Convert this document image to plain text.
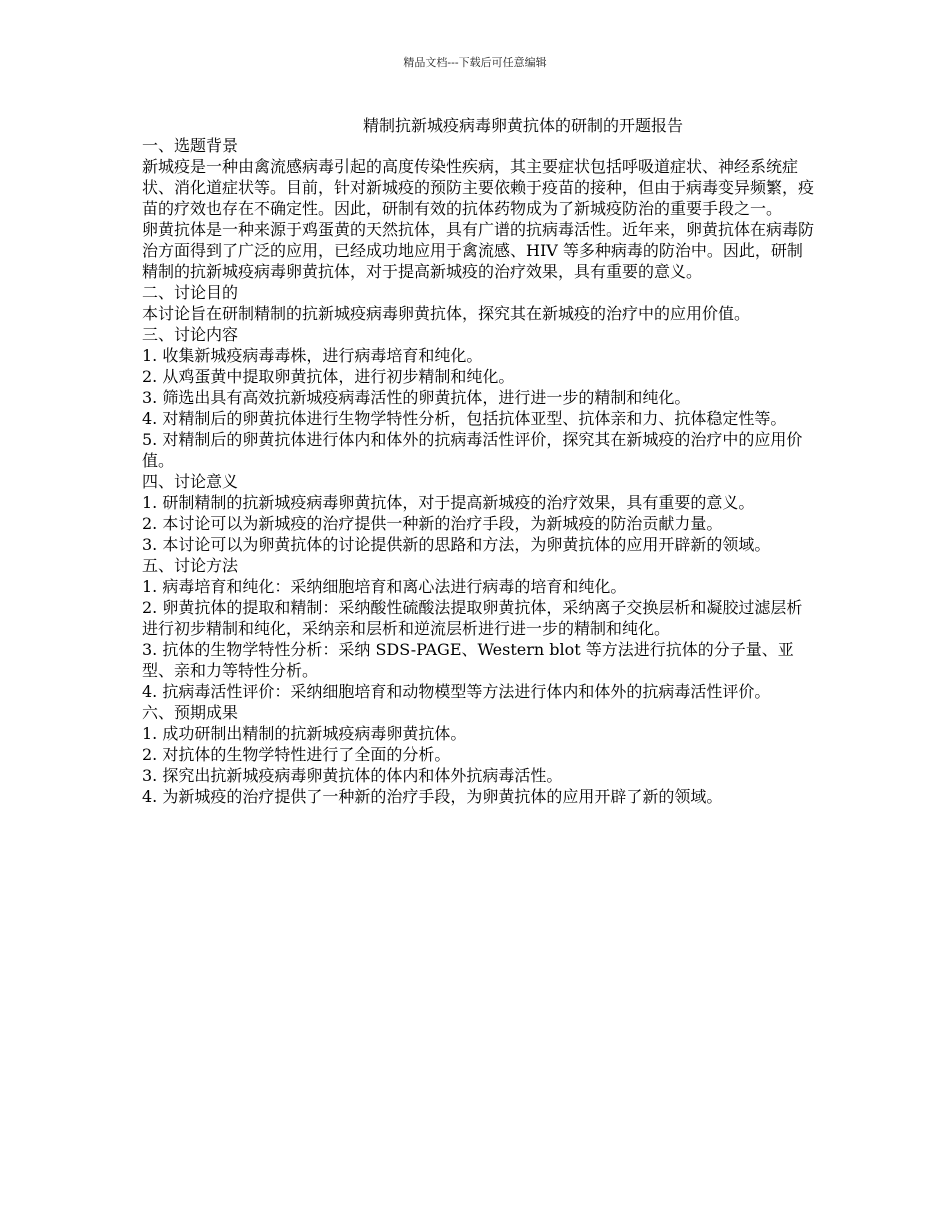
精品文档---下载后可任意编辑
精制抗新城疫病毒卵黄抗体的研制的开题报告

一、选题背景

新城疫是一种由禽流感病毒引起的高度传染性疾病，其主要症状包括呼吸道症状、神经系统症状、消化道症状等。目前，针对新城疫的预防主要依赖于疫苗的接种，但由于病毒变异频繁，疫苗的疗效也存在不确定性。因此，研制有效的抗体药物成为了新城疫防治的重要手段之一。

卵黄抗体是一种来源于鸡蛋黄的天然抗体，具有广谱的抗病毒活性。近年来，卵黄抗体在病毒防治方面得到了广泛的应用，已经成功地应用于禽流感、HIV 等多种病毒的防治中。因此，研制精制的抗新城疫病毒卵黄抗体，对于提高新城疫的治疗效果，具有重要的意义。

二、讨论目的

本讨论旨在研制精制的抗新城疫病毒卵黄抗体，探究其在新城疫的治疗中的应用价值。

三、讨论内容

1. 收集新城疫病毒毒株，进行病毒培育和纯化。

2. 从鸡蛋黄中提取卵黄抗体，进行初步精制和纯化。

3. 筛选出具有高效抗新城疫病毒活性的卵黄抗体，进行进一步的精制和纯化。

4. 对精制后的卵黄抗体进行生物学特性分析，包括抗体亚型、抗体亲和力、抗体稳定性等。

5. 对精制后的卵黄抗体进行体内和体外的抗病毒活性评价，探究其在新城疫的治疗中的应用价值。

四、讨论意义

1. 研制精制的抗新城疫病毒卵黄抗体，对于提高新城疫的治疗效果，具有重要的意义。

2. 本讨论可以为新城疫的治疗提供一种新的治疗手段，为新城疫的防治贡献力量。

3. 本讨论可以为卵黄抗体的讨论提供新的思路和方法，为卵黄抗体的应用开辟新的领域。

五、讨论方法

1. 病毒培育和纯化：采纳细胞培育和离心法进行病毒的培育和纯化。

2. 卵黄抗体的提取和精制：采纳酸性硫酸法提取卵黄抗体，采纳离子交换层析和凝胶过滤层析进行初步精制和纯化，采纳亲和层析和逆流层析进行进一步的精制和纯化。

3. 抗体的生物学特性分析：采纳 SDS-PAGE、Western blot 等方法进行抗体的分子量、亚型、亲和力等特性分析。

4. 抗病毒活性评价：采纳细胞培育和动物模型等方法进行体内和体外的抗病毒活性评价。

六、预期成果

1. 成功研制出精制的抗新城疫病毒卵黄抗体。

2. 对抗体的生物学特性进行了全面的分析。

3. 探究出抗新城疫病毒卵黄抗体的体内和体外抗病毒活性。

4. 为新城疫的治疗提供了一种新的治疗手段，为卵黄抗体的应用开辟了新的领域。
